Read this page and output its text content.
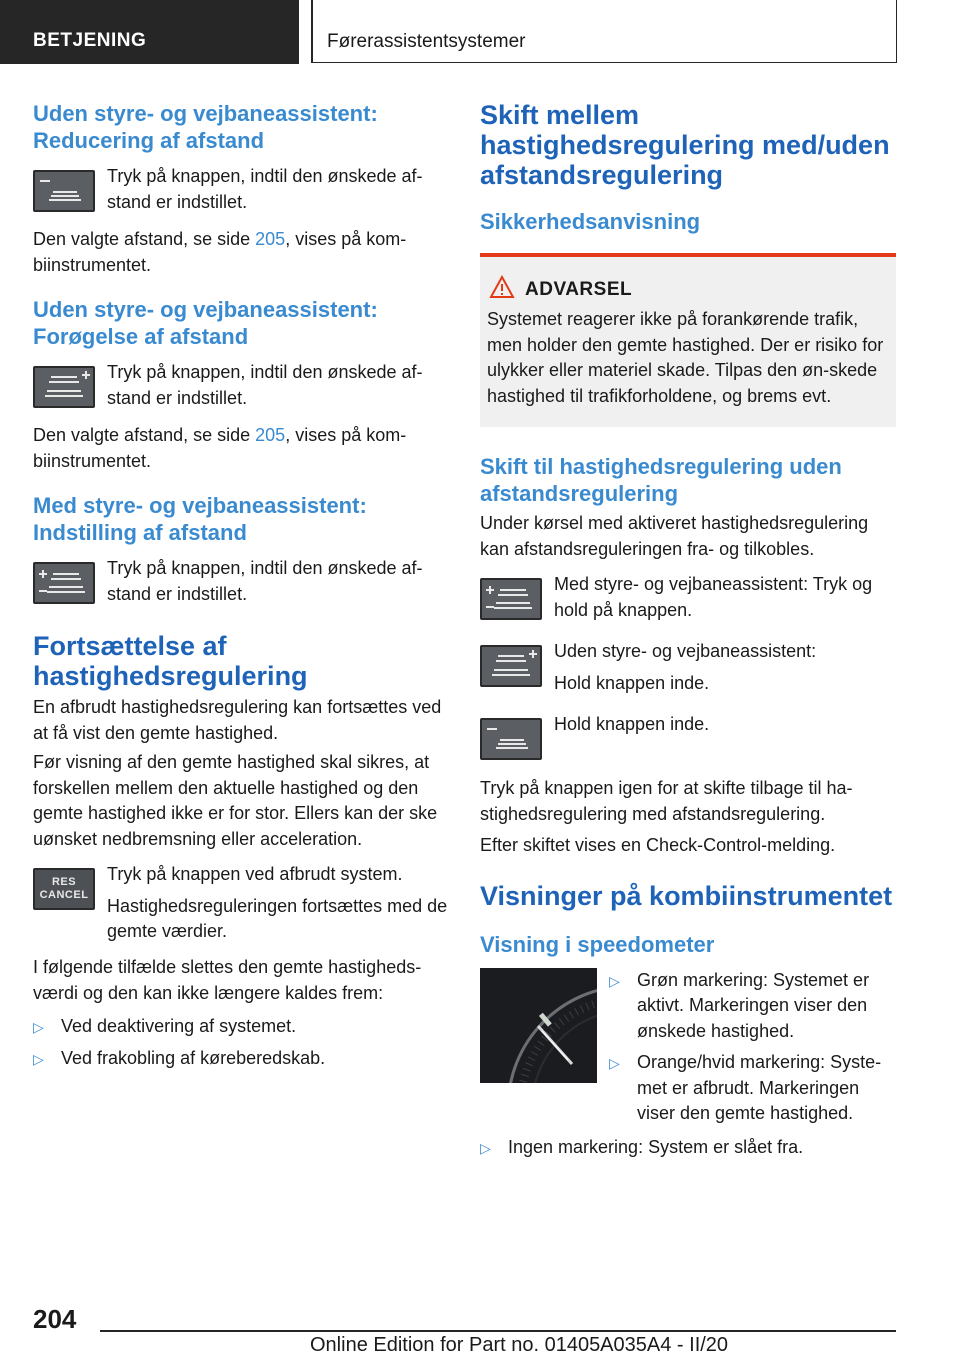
BETJENING	Førerassistentsystemer
Uden styre- og vejbaneassistent: Reducering af afstand

Tryk på knappen, indtil den ønskede af-stand er indstillet.

Den valgte afstand, se side 205, vises på kom-biinstrumentet.

Uden styre- og vejbaneassistent: Forøgelse af afstand

Tryk på knappen, indtil den ønskede af-stand er indstillet.

Den valgte afstand, se side 205, vises på kom-biinstrumentet.

Med styre- og vejbaneassistent: Indstilling af afstand

Tryk på knappen, indtil den ønskede af-stand er indstillet.

Fortsættelse af hastighedsregulering

En afbrudt hastighedsregulering kan fortsættes ved at få vist den gemte hastighed.

Før visning af den gemte hastighed skal sikres, at forskellen mellem den aktuelle hastighed og den gemte hastighed ikke er for stor. Ellers kan der ske uønsket nedbremsning eller acceleration.

RES
CANCEL

Tryk på knappen ved afbrudt system.

Hastighedsreguleringen fortsættes med de gemte værdier.

I følgende tilfælde slettes den gemte hastigheds-værdi og den kan ikke længere kaldes frem:

▷ Ved deaktivering af systemet.
▷ Ved frakobling af køreberedskab.
Skift mellem hastighedsregulering med/uden afstandsregulering
Sikkerhedsanvisning
ADVARSEL

Systemet reagerer ikke på forankørende trafik, men holder den gemte hastighed. Der er risiko for ulykker eller materiel skade. Tilpas den øn-skede hastighed til trafikforholdene, og brems evt.

Skift til hastighedsregulering uden afstandsregulering

Under kørsel med aktiveret hastighedsregulering kan afstandsreguleringen fra- og tilkobles.

Med styre- og vejbaneassistent: Tryk og hold på knappen.

Uden styre- og vejbaneassistent:

Hold knappen inde.

Hold knappen inde.

Tryk på knappen igen for at skifte tilbage til ha-stighedsregulering med afstandsregulering.

Efter skiftet vises en Check-Control-melding.

Visninger på kombiinstrumentet
Visning i speedometer
▷ Grøn markering: Systemet er aktivt. Markeringen viser den ønskede hastighed.
▷ Orange/hvid markering: Syste-met er afbrudt. Markeringen viser den gemte hastighed.
▷ Ingen markering: System er slået fra.
204
Online Edition for Part no. 01405A035A4 - II/20
